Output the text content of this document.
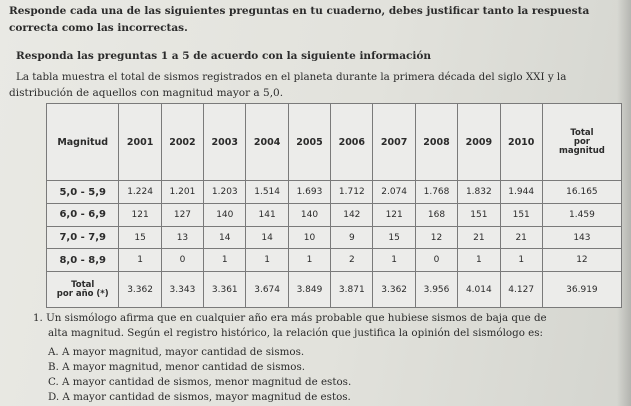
Responde cada una de las siguientes preguntas en tu cuaderno, debes justificar tanto la respuesta
correcta como las incorrectas.
Responda las preguntas 1 a 5 de acuerdo con la siguiente información
La tabla muestra el total de sismos registrados en el planeta durante la primera década del siglo XXI y la
distribución de aquellos con magnitud mayor a 5,0.
Magnitud	2001	2002	2003	2004	2005	2006	2007	2008	2009	2010	Total
por
magnitud

5,0 - 5,9	1.224	1.201	1.203	1.514	1.693	1.712	2.074	1.768	1.832	1.944	16.165
6,0 - 6,9	121	127	140	141	140	142	121	168	151	151	1.459
7,0 - 7,9	15	13	14	14	10	9	15	12	21	21	143
8,0 - 8,9	1	0	1	1	1	2	1	0	1	1	12

Total
por año (*)	3.362	3.343	3.361	3.674	3.849	3.871	3.362	3.956	4.014	4.127	36.919
1. Un sismólogo afirma que en cualquier año era más probable que hubiese sismos de baja que de
alta magnitud. Según el registro histórico, la relación que justifica la opinión del sismólogo es:
A. A mayor magnitud, mayor cantidad de sismos.
B. A mayor magnitud, menor cantidad de sismos.
C. A mayor cantidad de sismos, menor magnitud de estos.
D. A mayor cantidad de sismos, mayor magnitud de estos.
